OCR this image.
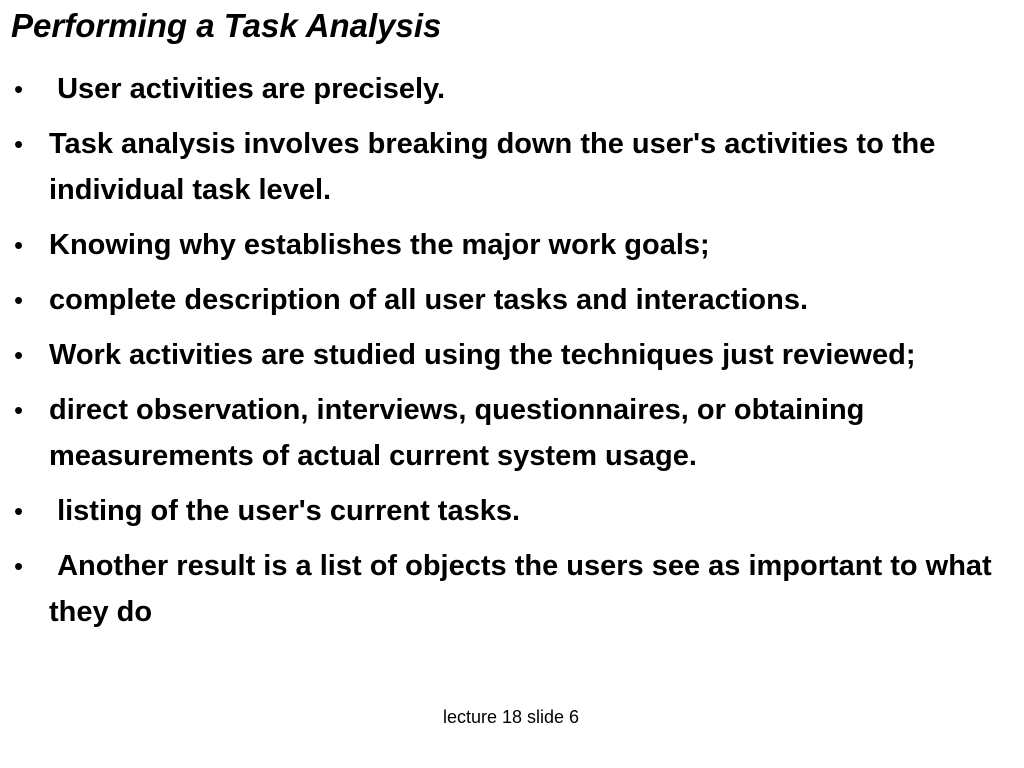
Performing a Task Analysis
• User activities are precisely.
• Task analysis involves breaking down the user's activities to the individual task level.
• Knowing why establishes the major work goals;
• complete description of all user tasks and interactions.
• Work activities are studied using the techniques just reviewed;
• direct observation, interviews, questionnaires, or obtaining measurements of actual current system usage.
• listing of the user's current tasks.
• Another result is a list of objects the users see as important to what they do
lecture 18 slide 6
